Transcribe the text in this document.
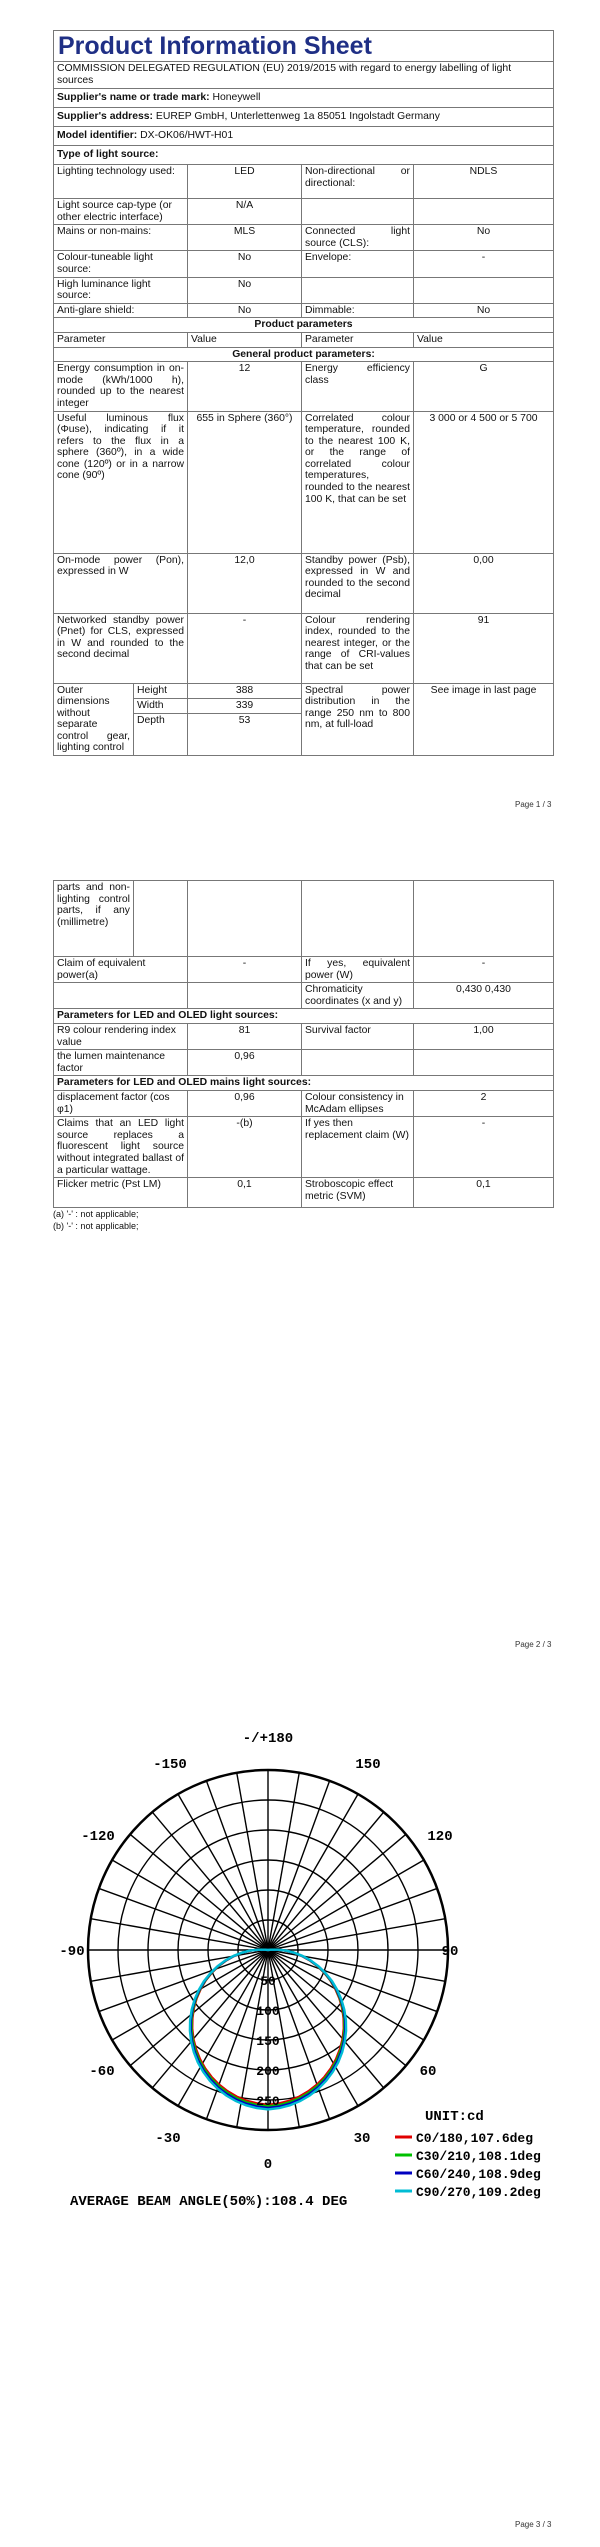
Product Information Sheet				
COMMISSION DELEGATED REGULATION (EU) 2019/2015 with regard to energy labelling of light sources				
Supplier's name or trade mark: Honeywell				
Supplier's address: EUREP GmbH, Unterlettenweg 1a 85051 Ingolstadt Germany				
Model identifier: DX-OK06/HWT-H01				
Type of light source:				
Lighting technology used:		LED	Non-directional or directional:	NDLS
Light source cap-type (or other electric interface)		N/A		
Mains or non-mains:		MLS	Connected light source (CLS):	No
Colour-tuneable light source:		No	Envelope:	-
High luminance light source:		No		
Anti-glare shield:		No	Dimmable:	No
Product parameters				
Parameter		Value	Parameter	Value
General product parameters:				
Energy consumption in on-mode (kWh/1000 h), rounded up to the nearest integer		12	Energy efficiency class	G
Useful luminous flux (Φuse), indicating if it refers to the flux in a sphere (360º), in a wide cone (120º) or in a narrow cone (90º)		655 in Sphere (360°)	Correlated colour temperature, rounded to the nearest 100 K, or the range of correlated colour temperatures, rounded to the nearest 100 K, that can be set	3 000 or 4 500 or 5 700
On-mode power (Pon), expressed in W		12,0	Standby power (Psb), expressed in W and rounded to the second decimal	0,00
Networked standby power (Pnet) for CLS, expressed in W and rounded to the second decimal		-	Colour rendering index, rounded to the nearest integer, or the range of CRI-values that can be set	91
Outer dimensions without separate control gear, lighting control	Height	388	Spectral power distribution in the range 250 nm to 800 nm, at full-load	See image in last page
	Width	339		
	Depth	53		
Page 1 / 3
parts and non-lighting control parts, if any (millimetre)				
Claim of equivalent power(a)		-	If yes, equivalent power (W)	-
			Chromaticity coordinates (x and y)	0,430 0,430
Parameters for LED and OLED light sources:				
R9 colour rendering index value		81	Survival factor	1,00
the lumen maintenance factor		0,96		
Parameters for LED and OLED mains light sources:				
displacement factor (cos φ1)		0,96	Colour consistency in McAdam ellipses	2
Claims that an LED light source replaces a fluorescent light source without integrated ballast of a particular wattage.		-(b)	If yes then replacement claim (W)	-
Flicker metric (Pst LM)		0,1	Stroboscopic effect metric (SVM)	0,1
(a) '-' : not applicable;
(b) '-' : not applicable;
Page 2 / 3
-/+180
-150	150
-120	120
-90	90
-60	60
-30	30
0
50
100
150
200
250
UNIT:cd
C0/180,107.6deg
C30/210,108.1deg
C60/240,108.9deg
C90/270,109.2deg
AVERAGE BEAM ANGLE(50%):108.4 DEG
Page 3 / 3
